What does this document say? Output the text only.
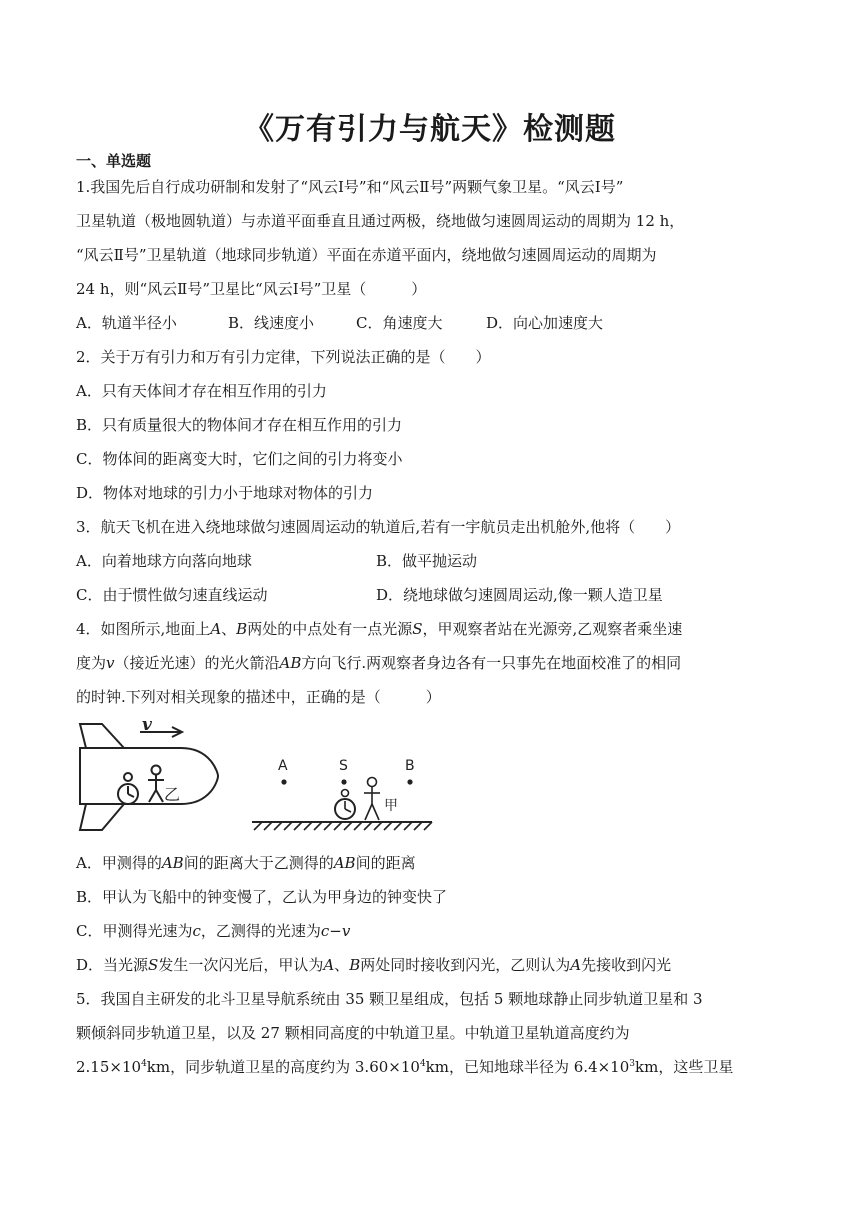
《万有引力与航天》检测题
一、单选题
1.我国先后自行成功研制和发射了“风云Ⅰ号”和“风云Ⅱ号”两颗气象卫星。“风云Ⅰ号”
卫星轨道（极地圆轨道）与赤道平面垂直且通过两极，绕地做匀速圆周运动的周期为 12 h，
“风云Ⅱ号”卫星轨道（地球同步轨道）平面在赤道平面内，绕地做匀速圆周运动的周期为
24 h，则“风云Ⅱ号”卫星比“风云Ⅰ号”卫星（　　　）
A．轨道半径小	B．线速度小	C．角速度大	D．向心加速度大
2．关于万有引力和万有引力定律，下列说法正确的是（　　）
A．只有天体间才存在相互作用的引力
B．只有质量很大的物体间才存在相互作用的引力
C．物体间的距离变大时，它们之间的引力将变小
D．物体对地球的引力小于地球对物体的引力
3．航天飞机在进入绕地球做匀速圆周运动的轨道后,若有一宇航员走出机舱外,他将（　　）
A．向着地球方向落向地球	B．做平抛运动
C．由于惯性做匀速直线运动	D．绕地球做匀速圆周运动,像一颗人造卫星
4．如图所示,地面上A、B两处的中点处有一点光源S，甲观察者站在光源旁,乙观察者乘坐速
度为v（接近光速）的光火箭沿AB方向飞行.两观察者身边各有一只事先在地面校准了的相同
的时钟.下列对相关现象的描述中，正确的是（　　　）
v
乙
A	S	B
甲
A．甲测得的AB间的距离大于乙测得的AB间的距离
B．甲认为飞船中的钟变慢了，乙认为甲身边的钟变快了
C．甲测得光速为c，乙测得的光速为c−v
D．当光源S发生一次闪光后，甲认为A、B两处同时接收到闪光，乙则认为A先接收到闪光
5．我国自主研发的北斗卫星导航系统由 35 颗卫星组成，包括 5 颗地球静止同步轨道卫星和 3
颗倾斜同步轨道卫星，以及 27 颗相同高度的中轨道卫星。中轨道卫星轨道高度约为
$2.15\times 10^4km$，同步轨道卫星的高度约为 $3.60\times 10^4km$，已知地球半径为 $6.4\times 10^3km$，这些卫星
